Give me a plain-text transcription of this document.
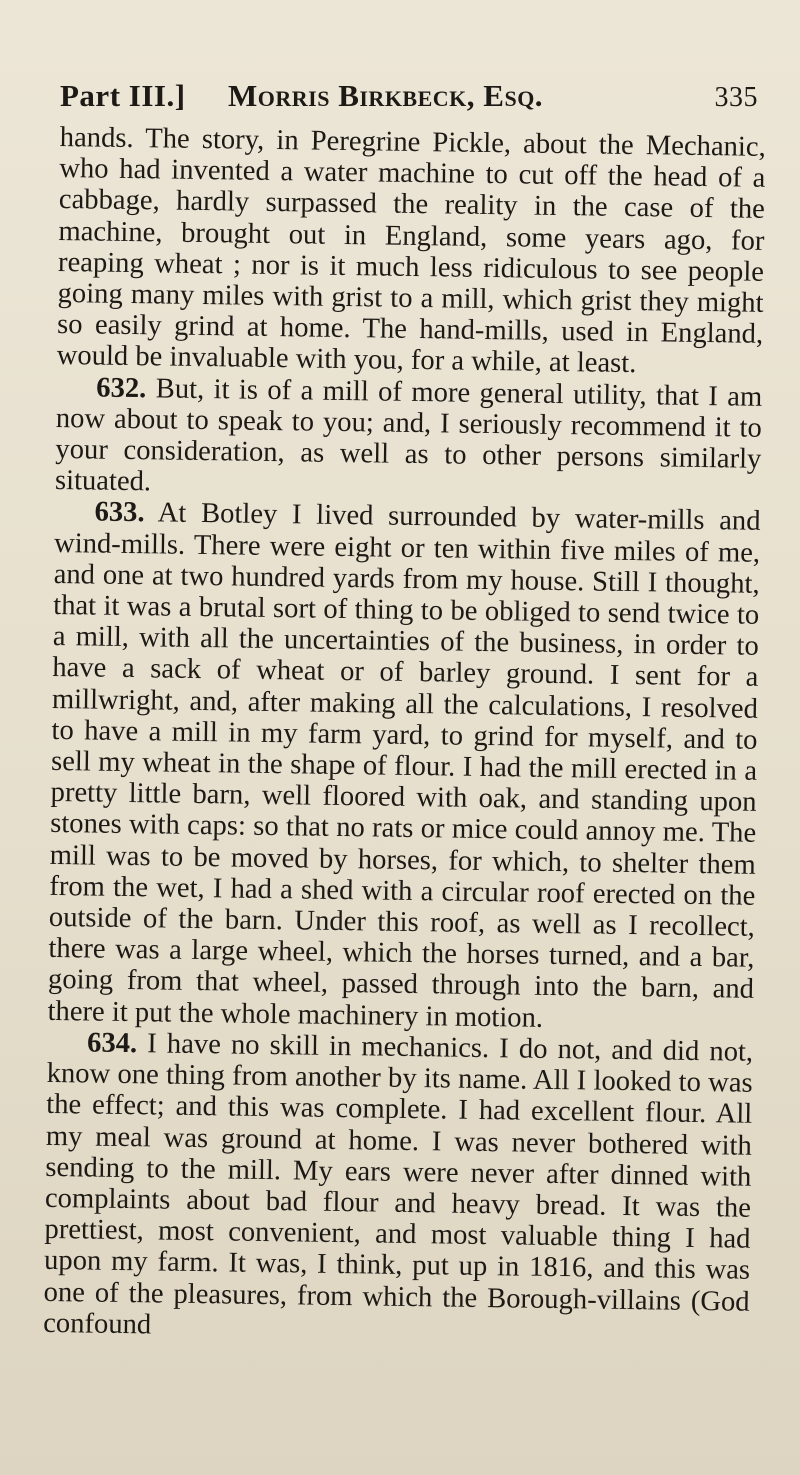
Part III.] Morris Birkbeck, Esq.	335

hands. The story, in Peregrine Pickle, about the Mechanic, who had invented a water machine to cut off the head of a cabbage, hardly surpassed the reality in the case of the machine, brought out in England, some years ago, for reaping wheat ; nor is it much less ridiculous to see people going many miles with grist to a mill, which grist they might so easily grind at home. The hand-mills, used in England, would be invaluable with you, for a while, at least.

632. But, it is of a mill of more general utility, that I am now about to speak to you; and, I seriously recommend it to your consideration, as well as to other persons similarly situated.

633. At Botley I lived surrounded by water-mills and wind-mills. There were eight or ten within five miles of me, and one at two hundred yards from my house. Still I thought, that it was a brutal sort of thing to be obliged to send twice to a mill, with all the uncertainties of the business, in order to have a sack of wheat or of barley ground. I sent for a millwright, and, after making all the calculations, I resolved to have a mill in my farm yard, to grind for myself, and to sell my wheat in the shape of flour. I had the mill erected in a pretty little barn, well floored with oak, and standing upon stones with caps: so that no rats or mice could annoy me. The mill was to be moved by horses, for which, to shelter them from the wet, I had a shed with a circular roof erected on the outside of the barn. Under this roof, as well as I recollect, there was a large wheel, which the horses turned, and a bar, going from that wheel, passed through into the barn, and there it put the whole machinery in motion.

634. I have no skill in mechanics. I do not, and did not, know one thing from another by its name. All I looked to was the effect; and this was complete. I had excellent flour. All my meal was ground at home. I was never bothered with sending to the mill. My ears were never after dinned with complaints about bad flour and heavy bread. It was the prettiest, most convenient, and most valuable thing I had upon my farm. It was, I think, put up in 1816, and this was one of the pleasures, from which the Borough-villains (God confound
